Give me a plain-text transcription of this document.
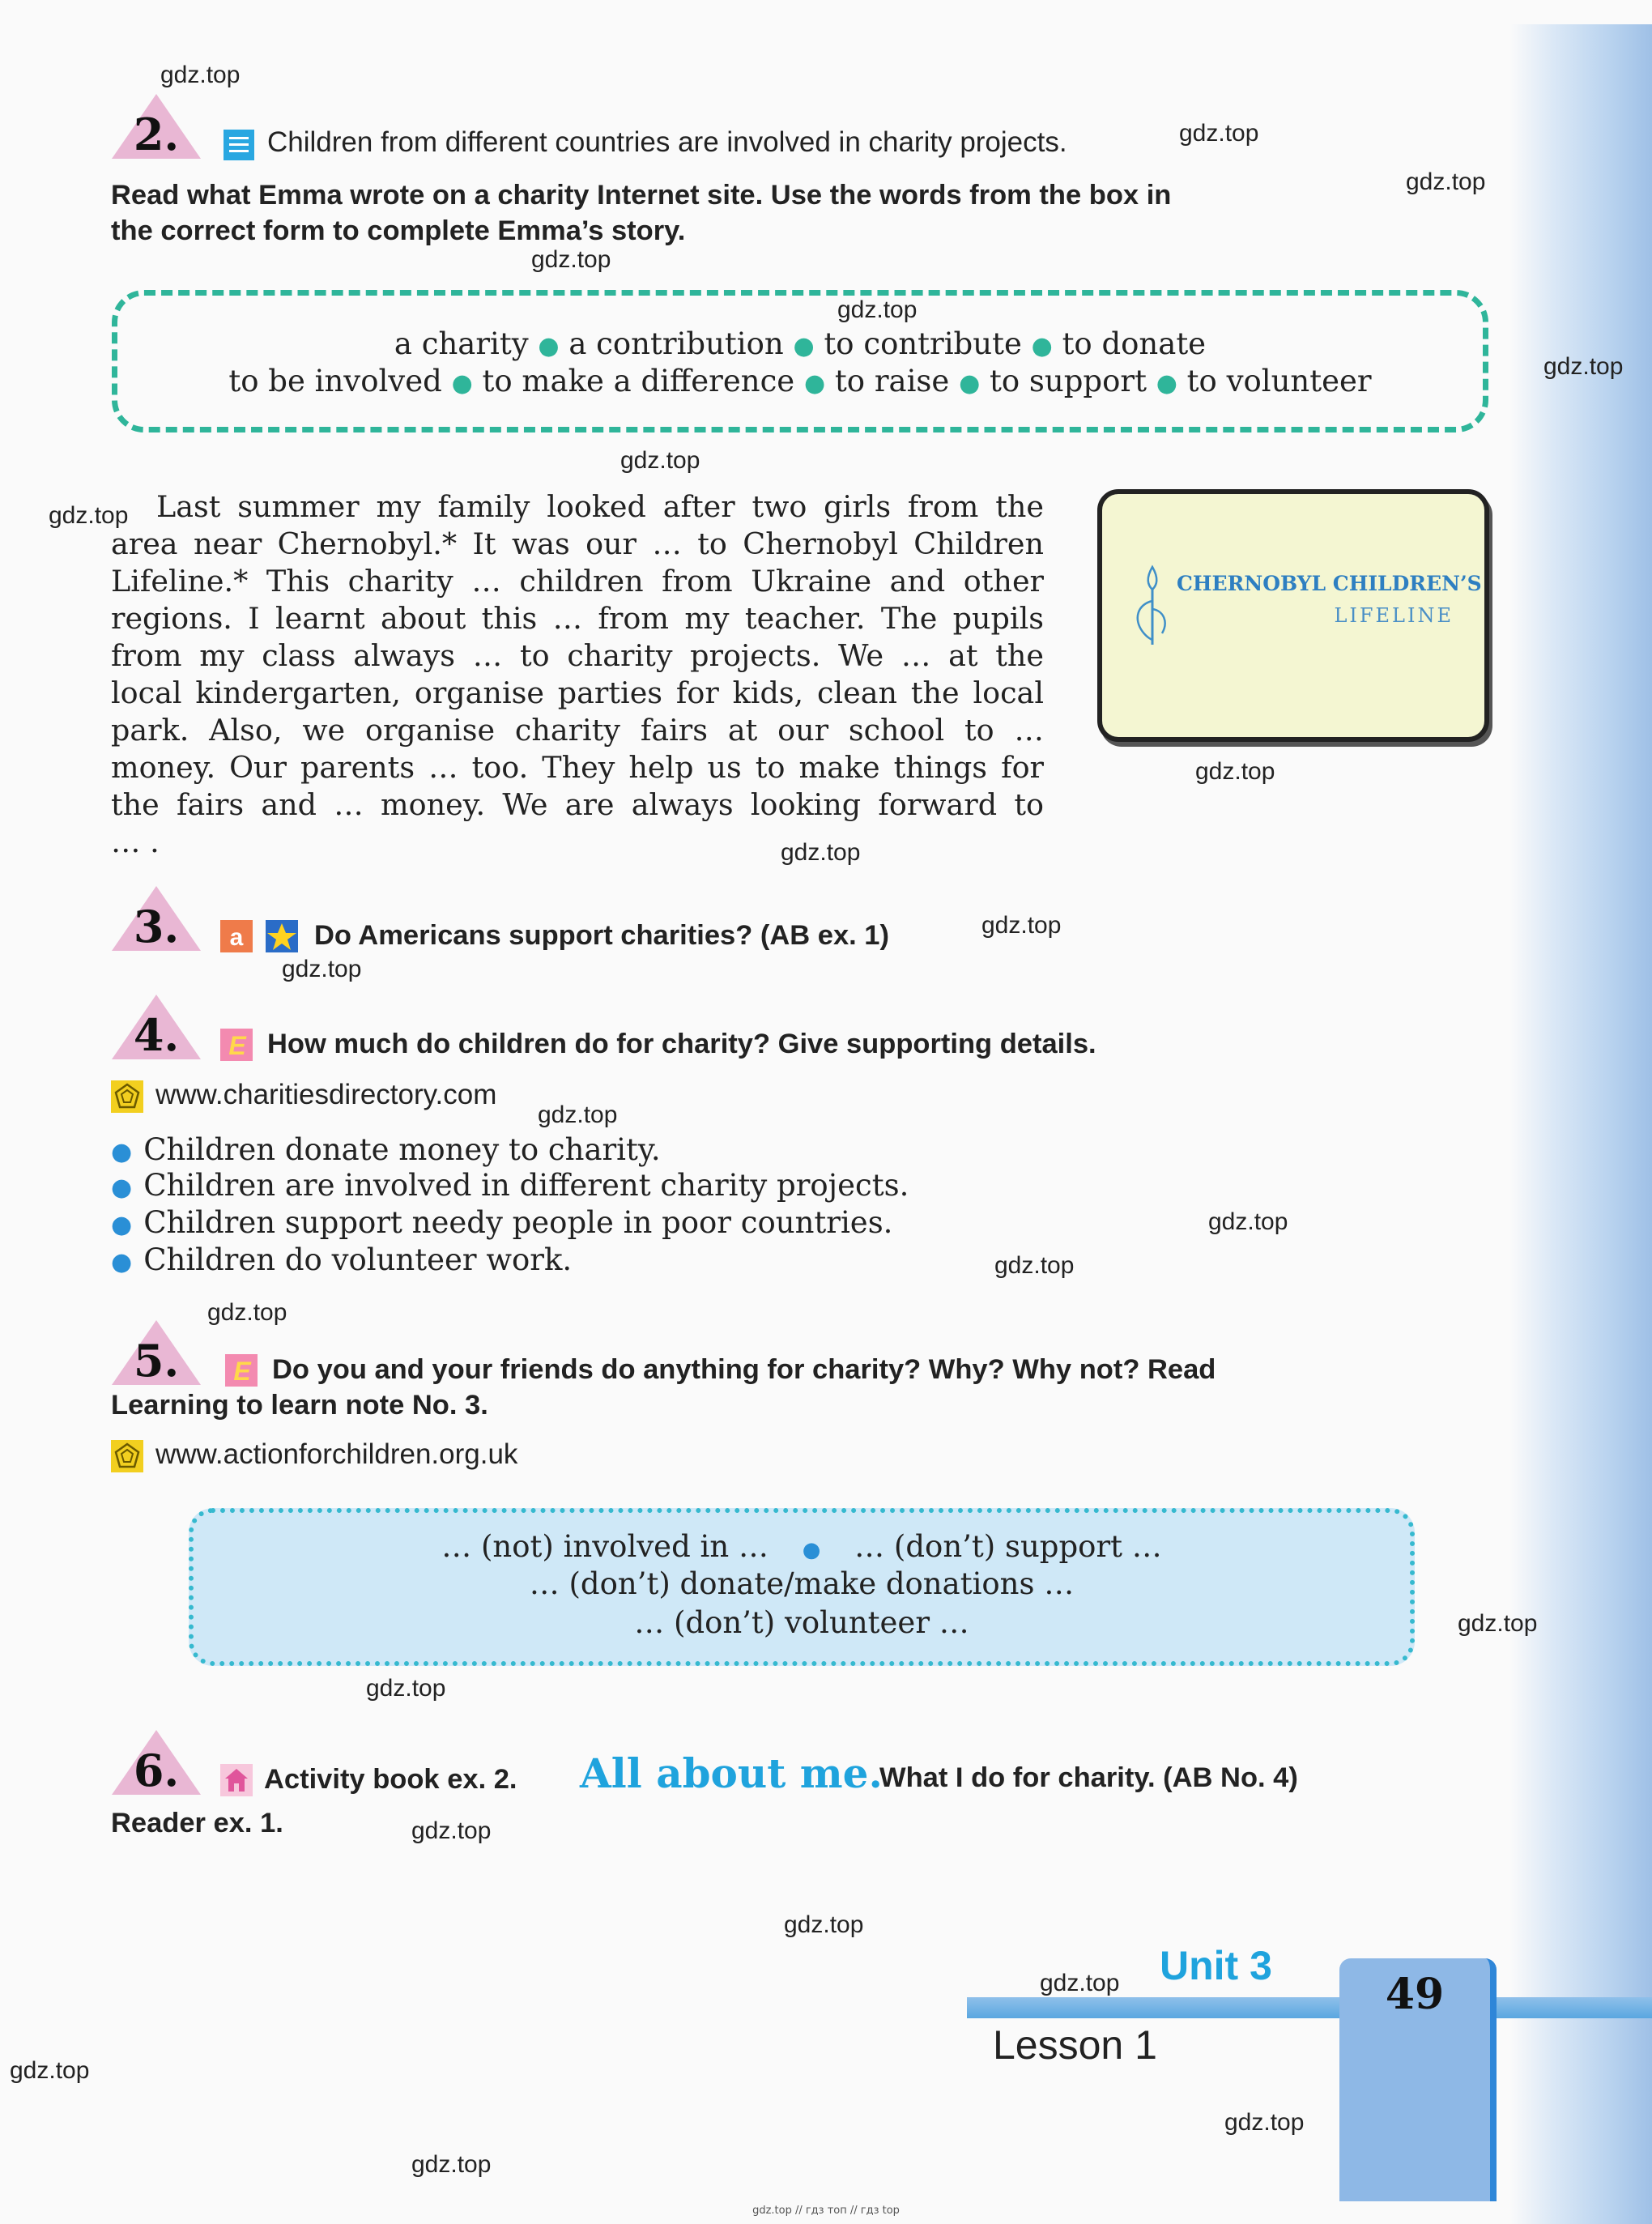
gdz.top
gdz.top
gdz.top
gdz.top
gdz.top
gdz.top
gdz.top
gdz.top
gdz.top
gdz.top
gdz.top
gdz.top
gdz.top
gdz.top
gdz.top
gdz.top
gdz.top
gdz.top
gdz.top
gdz.top
gdz.top
gdz.top
gdz.top
gdz.top
2.	Children from different countries are involved in charity projects.
Read what Emma wrote on a charity Internet site. Use the words from the box in
the correct form to complete Emma’s story.
a charity ● a contribution ● to contribute ● to donate
to be involved ● to make a difference ● to raise ● to support ● to volunteer
Last summer my family looked after two girls from the
area near Chernobyl.* It was our … to Chernobyl Children
Lifeline.* This charity … children from Ukraine and other
regions. I learnt about this … from my teacher. The pupils
from my class always … to charity projects. We … at the
local kindergarten, organise parties for kids, clean the local
park. Also, we organise charity fairs at our school to …
money. Our parents … too. They help us to make things for
the fairs and … money. We are always looking forward to
… .
CHERNOBYL CHILDREN’S
LIFELINE
3.	a	Do Americans support charities? (AB ex. 1)
4.	E How much do children do for charity? Give supporting details.
www.charitiesdirectory.com
● Children donate money to charity.
● Children are involved in different charity projects.
● Children support needy people in poor countries.
● Children do volunteer work.
5.	E Do you and your friends do anything for charity? Why? Why not? Read
Learning to learn note No. 3.
www.actionforchildren.org.uk
… (not) involved in … ● … (don’t) support …
… (don’t) donate/make donations …
… (don’t) volunteer …
6.	Activity book ex. 2. All about me.
What I do for charity. (AB No. 4)
Reader ex. 1.
49
Unit 3
Lesson 1
gdz.top // гдз топ // гдз top
